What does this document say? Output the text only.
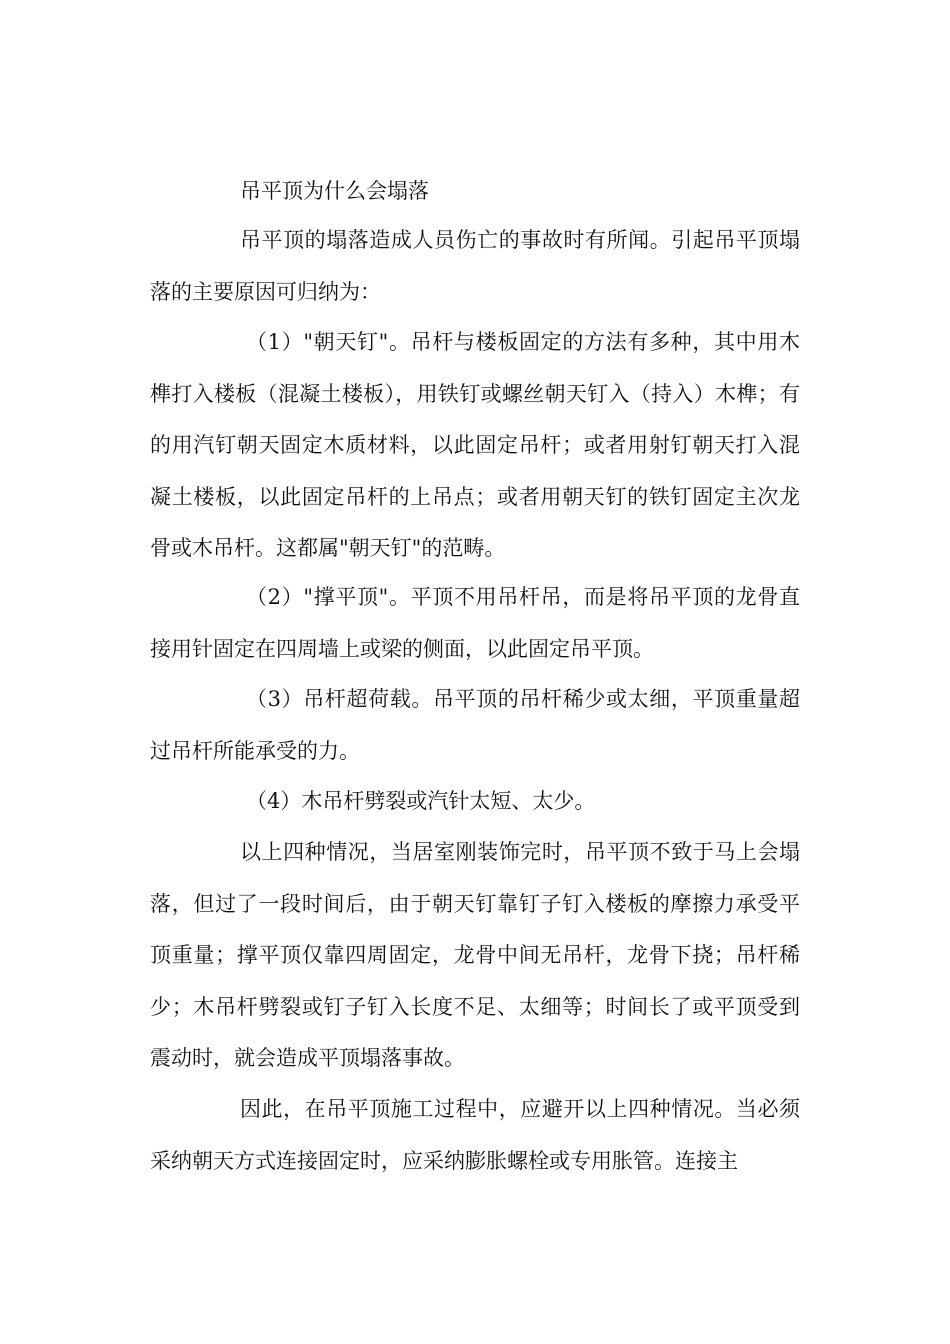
吊平顶为什么会塌落

吊平顶的塌落造成人员伤亡的事故时有所闻。引起吊平顶塌落的主要原因可归纳为：

（1）"朝天钉"。吊杆与楼板固定的方法有多种，其中用木榫打入楼板（混凝土楼板），用铁钉或螺丝朝天钉入（持入）木榫；有的用汽钉朝天固定木质材料，以此固定吊杆；或者用射钉朝天打入混凝土楼板，以此固定吊杆的上吊点；或者用朝天钉的铁钉固定主次龙骨或木吊杆。这都属"朝天钉"的范畴。

（2）"撑平顶"。平顶不用吊杆吊，而是将吊平顶的龙骨直接用针固定在四周墙上或梁的侧面，以此固定吊平顶。

（3）吊杆超荷载。吊平顶的吊杆稀少或太细，平顶重量超过吊杆所能承受的力。

（4）木吊杆劈裂或汽针太短、太少。

以上四种情况，当居室刚装饰完时，吊平顶不致于马上会塌落，但过了一段时间后，由于朝天钉靠钉子钉入楼板的摩擦力承受平顶重量；撑平顶仅靠四周固定，龙骨中间无吊杆，龙骨下挠；吊杆稀少；木吊杆劈裂或钉子钉入长度不足、太细等；时间长了或平顶受到震动时，就会造成平顶塌落事故。

因此，在吊平顶施工过程中，应避开以上四种情况。当必须采纳朝天方式连接固定时，应采纳膨胀螺栓或专用胀管。连接主
